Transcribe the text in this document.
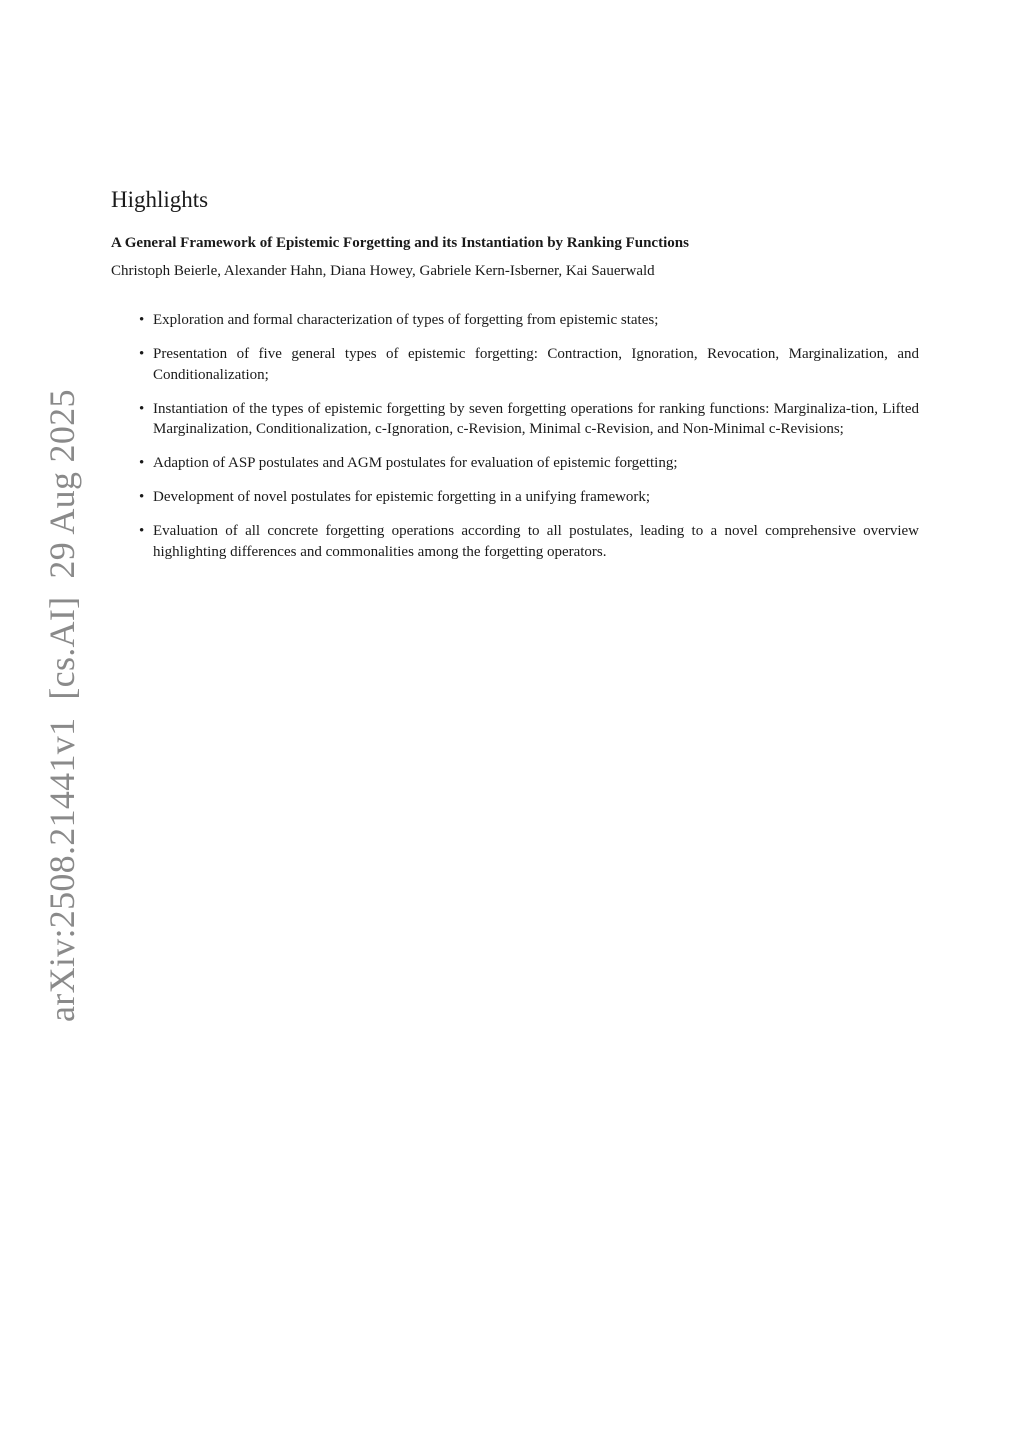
arXiv:2508.21441v1[cs.AI]29 Aug 2025
Highlights
A General Framework of Epistemic Forgetting and its Instantiation by Ranking Functions

Christoph Beierle, Alexander Hahn, Diana Howey, Gabriele Kern-Isberner, Kai Sauerwald

• Exploration and formal characterization of types of forgetting from epistemic states;
• Presentation of five general types of epistemic forgetting: Contraction, Ignoration, Revocation, Marginalization, and Conditionalization;
• Instantiation of the types of epistemic forgetting by seven forgetting operations for ranking functions: Marginaliza-tion, Lifted Marginalization, Conditionalization, c-Ignoration, c-Revision, Minimal c-Revision, and Non-Minimal c-Revisions;
• Adaption of ASP postulates and AGM postulates for evaluation of epistemic forgetting;
• Development of novel postulates for epistemic forgetting in a unifying framework;
• Evaluation of all concrete forgetting operations according to all postulates, leading to a novel comprehensive overview highlighting differences and commonalities among the forgetting operators.
